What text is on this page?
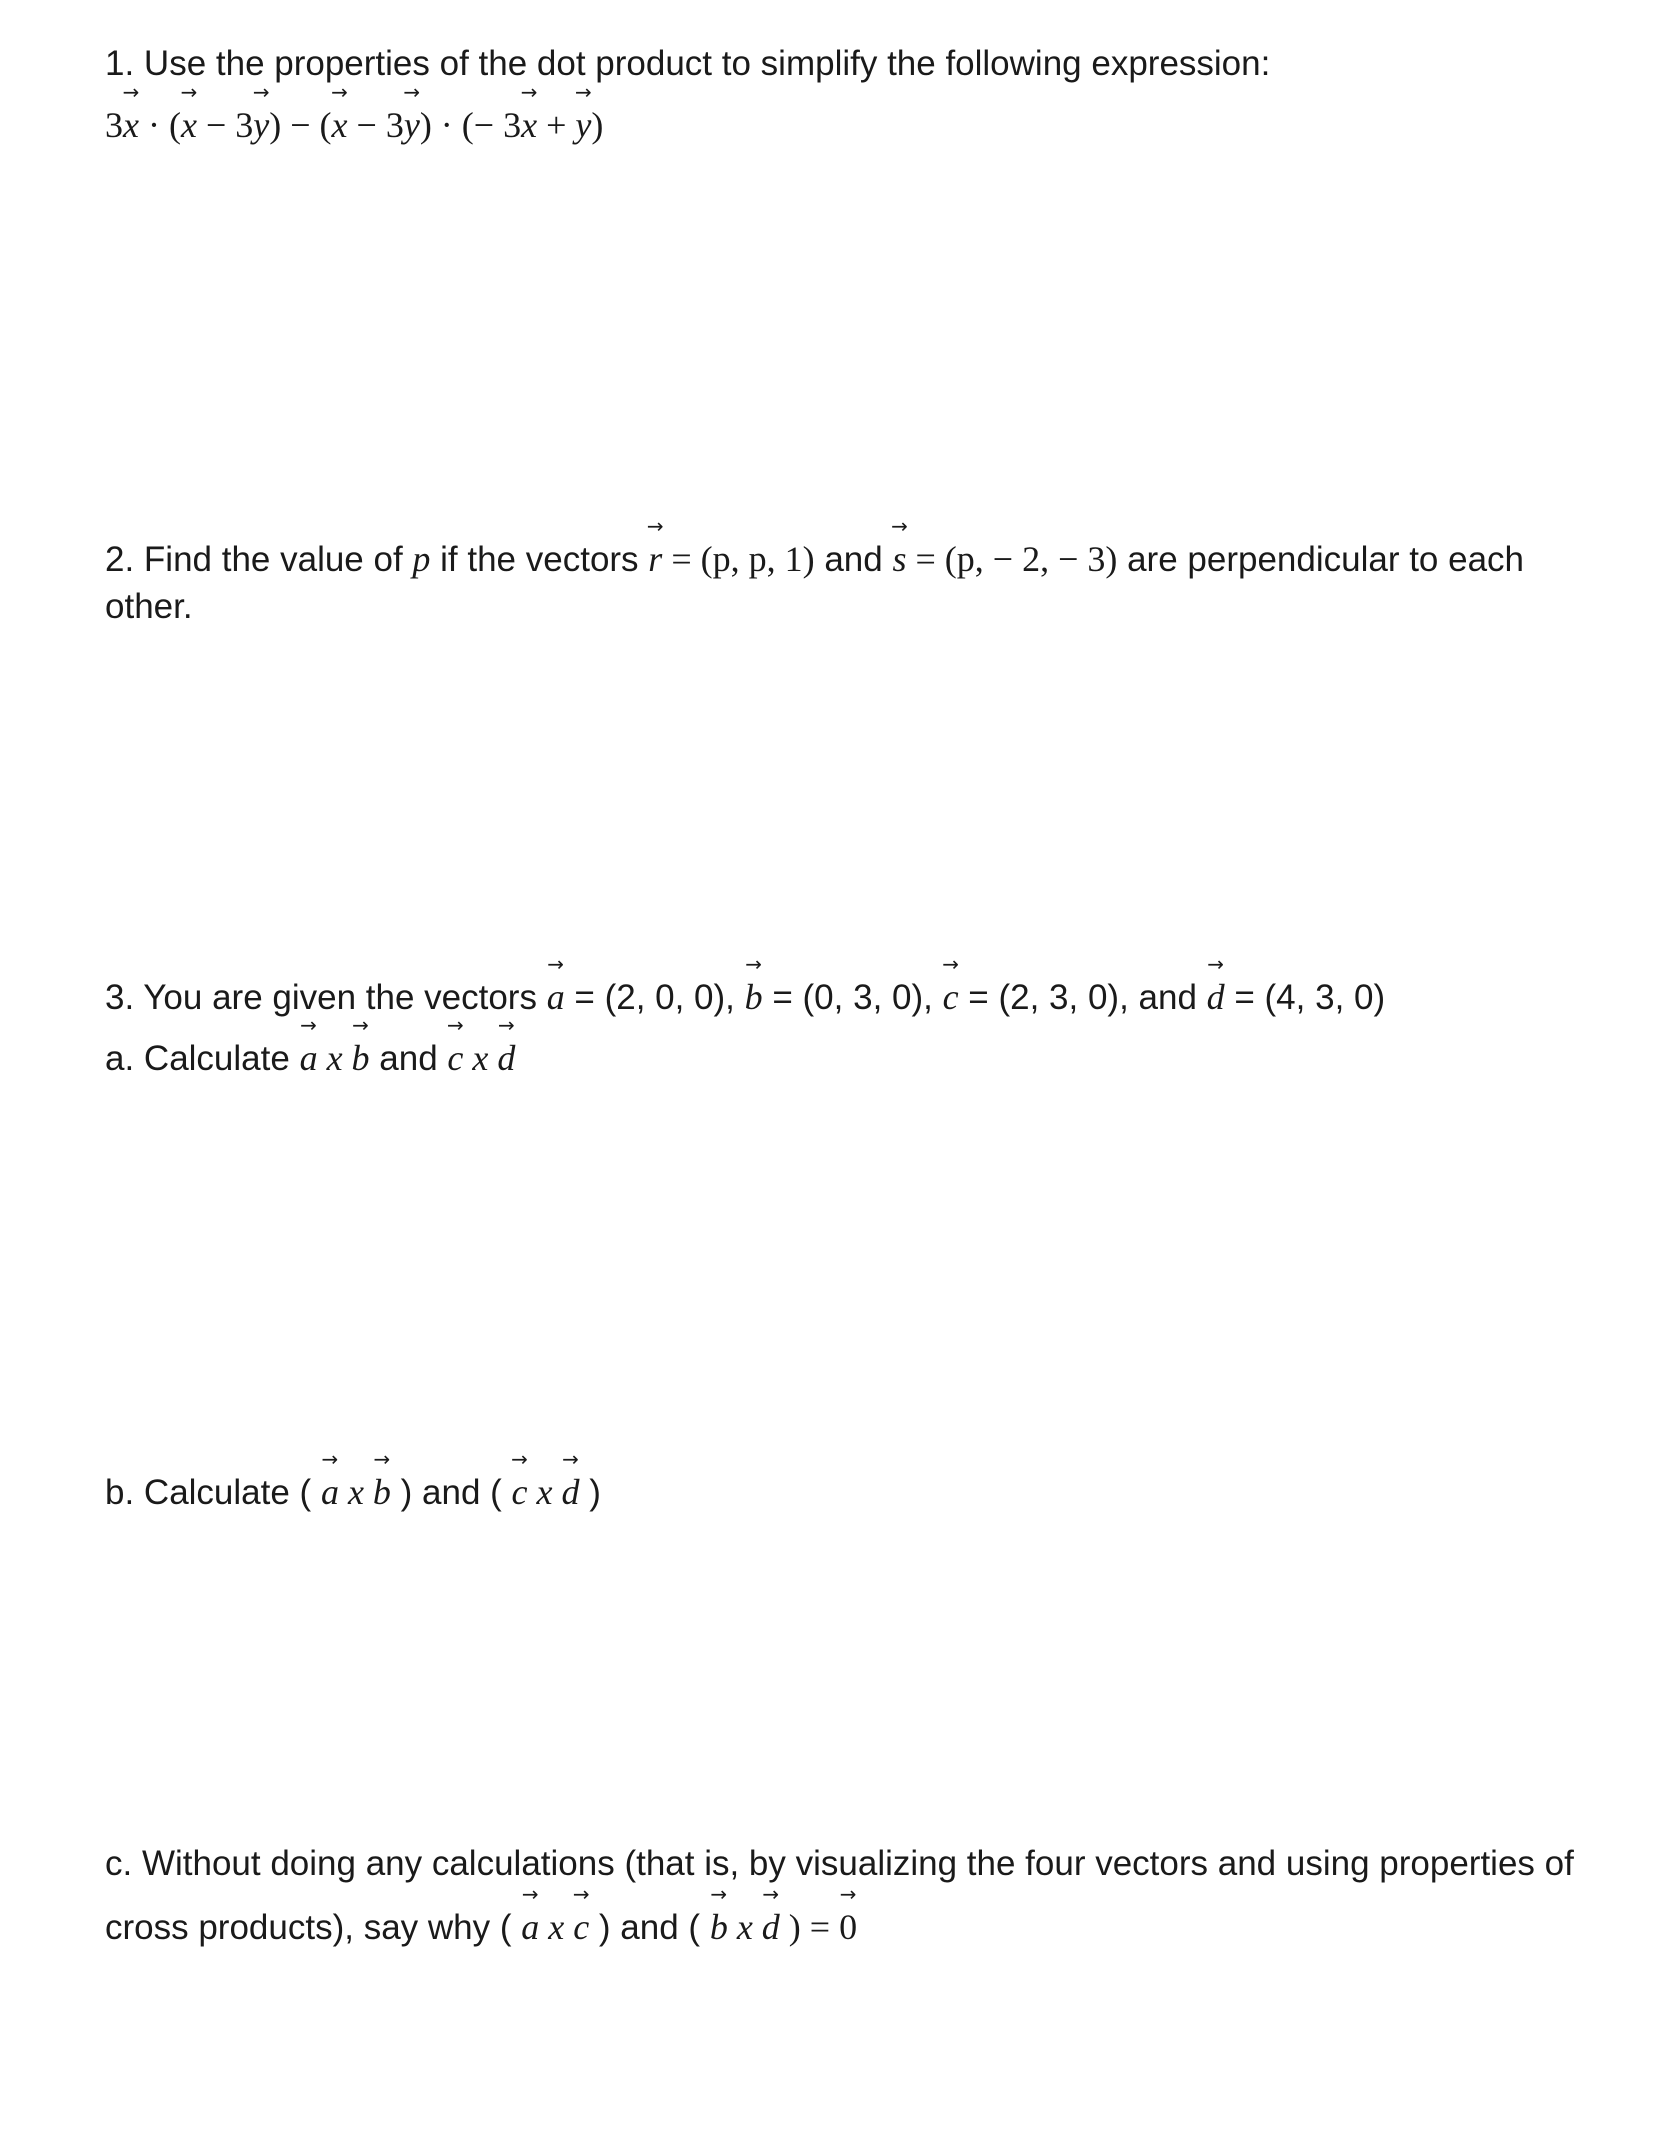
1. Use the properties of the dot product to simplify the following expression:
3→ x · (→ x − 3→ y) − (→ x − 3→ y) · (− 3→ x + → y)
2. Find the value of p if the vectors → r = (p, p, 1) and → s = (p, − 2, − 3) are perpendicular to each
other.
3. You are given the vectors → a = (2, 0, 0), → b = (0, 3, 0), → c = (2, 3, 0), and → d = (4, 3, 0)
a. Calculate → a x → b and → c x → d
b. Calculate ( → a x → b ) and ( → c x → d )
c. Without doing any calculations (that is, by visualizing the four vectors and using properties of
cross products), say why ( → a x → c ) and ( → b x → d ) = → 0
